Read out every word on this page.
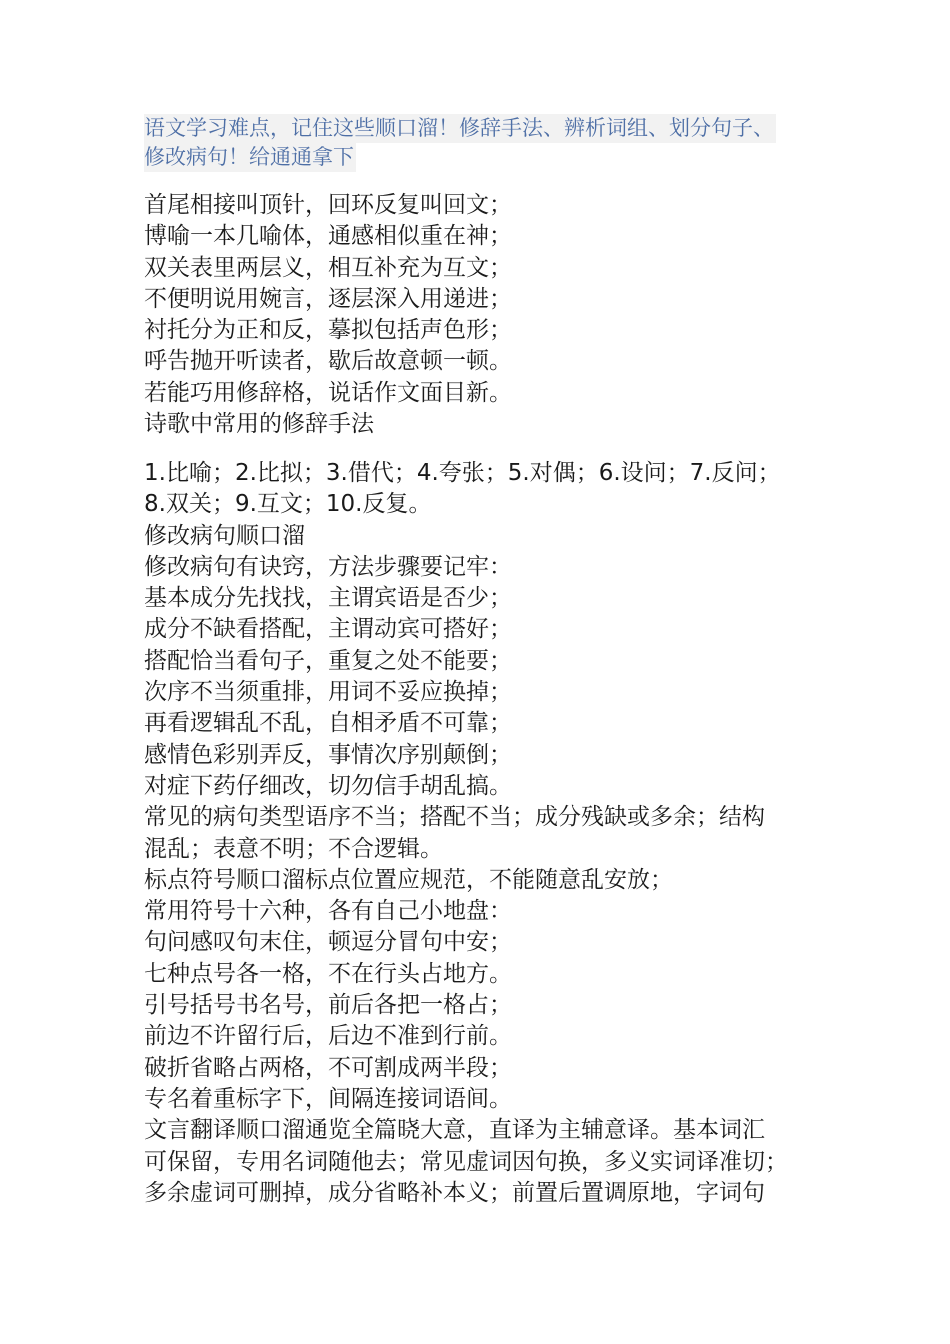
语文学习难点，记住这些顺口溜！修辞手法、辨析词组、划分句子、
修改病句！给通通拿下
首尾相接叫顶针，回环反复叫回文；
博喻一本几喻体，通感相似重在神；
双关表里两层义，相互补充为互文；
不便明说用婉言，逐层深入用递进；
衬托分为正和反，摹拟包括声色形；
呼告抛开听读者，歇后故意顿一顿。
若能巧用修辞格，说话作文面目新。
诗歌中常用的修辞手法
1.比喻；2.比拟；3.借代；4.夸张；5.对偶；6.设问；7.反问；
8.双关；9.互文；10.反复。
修改病句顺口溜
修改病句有诀窍，方法步骤要记牢：
基本成分先找找，主谓宾语是否少；
成分不缺看搭配，主谓动宾可搭好；
搭配恰当看句子，重复之处不能要；
次序不当须重排，用词不妥应换掉；
再看逻辑乱不乱，自相矛盾不可靠；
感情色彩别弄反，事情次序别颠倒；
对症下药仔细改，切勿信手胡乱搞。
常见的病句类型语序不当；搭配不当；成分残缺或多余；结构
混乱；表意不明；不合逻辑。
标点符号顺口溜标点位置应规范，不能随意乱安放；
常用符号十六种，各有自己小地盘：
句问感叹句末住，顿逗分冒句中安；
七种点号各一格，不在行头占地方。
引号括号书名号，前后各把一格占；
前边不许留行后，后边不准到行前。
破折省略占两格，不可割成两半段；
专名着重标字下，间隔连接词语间。
文言翻译顺口溜通览全篇晓大意，直译为主辅意译。基本词汇
可保留，专用名词随他去；常见虚词因句换，多义实词译准切；
多余虚词可删掉，成分省略补本义；前置后置调原地，字词句
